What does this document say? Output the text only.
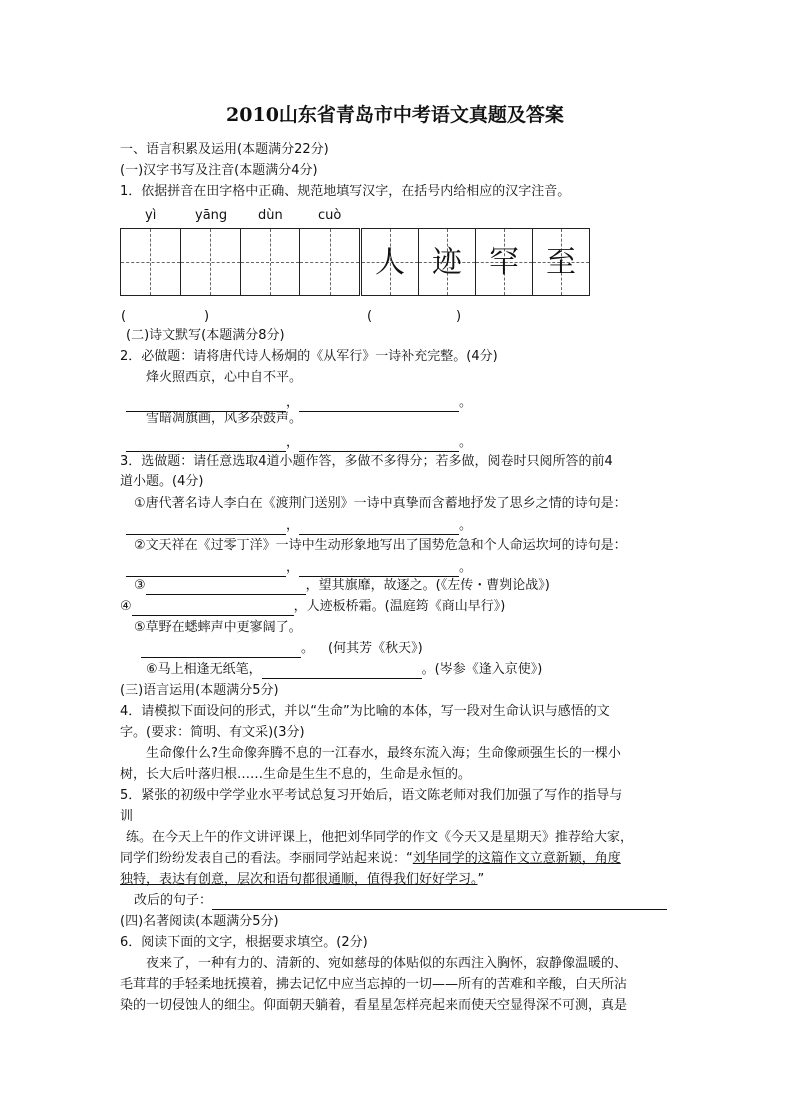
2010山东省青岛市中考语文真题及答案
一、语言积累及运用(本题满分22分)
(一)汉字书写及注音(本题满分4分)
1．依据拼音在田字格中正确、规范地填写汉字，在括号内给相应的汉字注音。
yì	yāng dùn	cuò
人 迹 罕 至
(	)	(	)
(二)诗文默写(本题满分8分)
2．必做题：请将唐代诗人杨炯的《从军行》一诗补充完整。(4分)
烽火照西京，心中自不平。
，	。
雪暗凋旗画，风多杂鼓声。
，	。
3．选做题：请任意选取4道小题作答，多做不多得分；若多做，阅卷时只阅所答的前4
道小题。(4分)
①唐代著名诗人李白在《渡荆门送别》一诗中真挚而含蓄地抒发了思乡之情的诗句是：
，	。
②文天祥在《过零丁洋》一诗中生动形象地写出了国势危急和个人命运坎坷的诗句是：
，	。
③	，望其旗靡，故逐之。(《左传・曹刿论战》)
④	，人迹板桥霜。(温庭筠《商山早行》)
⑤草野在蟋蟀声中更寥阔了。
。 (何其芳《秋天》)
⑥马上相逢无纸笔，	。(岑参《逢入京使》)
(三)语言运用(本题满分5分)
4．请模拟下面设问的形式，并以“生命”为比喻的本体，写一段对生命认识与感悟的文
字。(要求：简明、有文采)(3分)
生命像什么?生命像奔腾不息的一江春水，最终东流入海；生命像顽强生长的一棵小
树，长大后叶落归根……生命是生生不息的，生命是永恒的。
5．紧张的初级中学学业水平考试总复习开始后，语文陈老师对我们加强了写作的指导与
训
练。在今天上午的作文讲评课上，他把刘华同学的作文《今天又是星期天》推荐给大家，
同学们纷纷发表自己的看法。李丽同学站起来说：“刘华同学的这篇作文立意新颖，角度
独特，表达有创意，层次和语句都很通顺，值得我们好好学习。”
改后的句子：
(四)名著阅读(本题满分5分)
6．阅读下面的文字，根据要求填空。(2分)
夜来了，一种有力的、清新的、宛如慈母的体贴似的东西注入胸怀，寂静像温暖的、
毛茸茸的手轻柔地抚摸着，拂去记忆中应当忘掉的一切——所有的苦难和辛酸，白天所沾
染的一切侵蚀人的细尘。仰面朝天躺着，看星星怎样亮起来而使天空显得深不可测，真是
